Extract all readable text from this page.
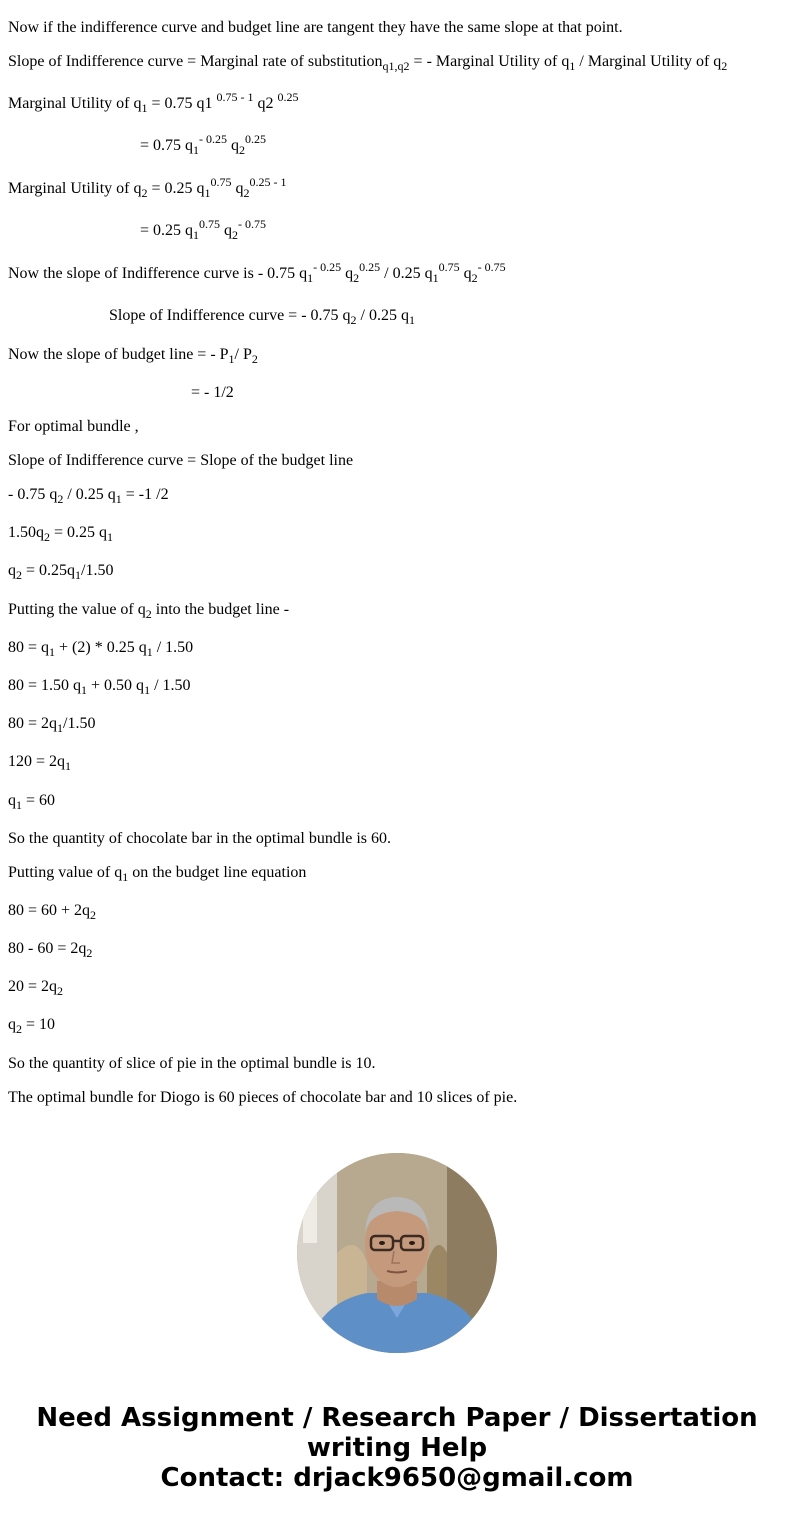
Now if the indifference curve and budget line are tangent they have the same slope at that point.
Slope of Indifference curve = Marginal rate of substitution$_{q1,q2}$ = - Marginal Utility of $q_1$ / Marginal Utility of $q_2$
Marginal Utility of $q_1 = 0.75$ q1 $^{0.75 - 1}$ q2 $^{0.25}$
= 0.75 $q_1^{- 0.25}$ $q_2^{0.25}$
Marginal Utility of $q_2 = 0.25$ $q_1^{0.75}$ $q_2^{0.25 - 1}$
= 0.25 $q_1^{0.75}$ $q_2^{- 0.75}$
Now the slope of Indifference curve is - 0.75 $q_1^{- 0.25}$ $q_2^{0.25} / 0.25$ $q_1^{0.75}$ $q_2^{- 0.75}$
Slope of Indifference curve = - 0.75 $q_2 / 0.25$ $q_1$
Now the slope of budget line = - $P_1/$ $P_2$
= - 1/2
For optimal bundle ,
Slope of Indifference curve = Slope of the budget line
- 0.75 $q_2 / 0.25$ $q_1 = -1$ /2
$1.50q_2 = 0.25$ $q_1$
$q_2 = 0.25q_1/1.50$
Putting the value of $q_2$ into the budget line -
$80 = q_1 + (2) * 0.25$ $q_1 / 1.50$
80 = 1.50 $q_1 + 0.50$ $q_1 / 1.50$
$80 = 2q_1/1.50$
$120 = 2q_1$
$q_1 = 60$
So the quantity of chocolate bar in the optimal bundle is 60.
Putting value of $q_1$ on the budget line equation
$80 = 60 + 2q_2$
$80 - 60 = 2q_2$
$20 = 2q_2$
$q_2 = 10$
So the quantity of slice of pie in the optimal bundle is 10.
The optimal bundle for Diogo is 60 pieces of chocolate bar and 10 slices of pie.
Need Assignment / Research Paper / Dissertation
writing Help
Contact: drjack9650@gmail.com
